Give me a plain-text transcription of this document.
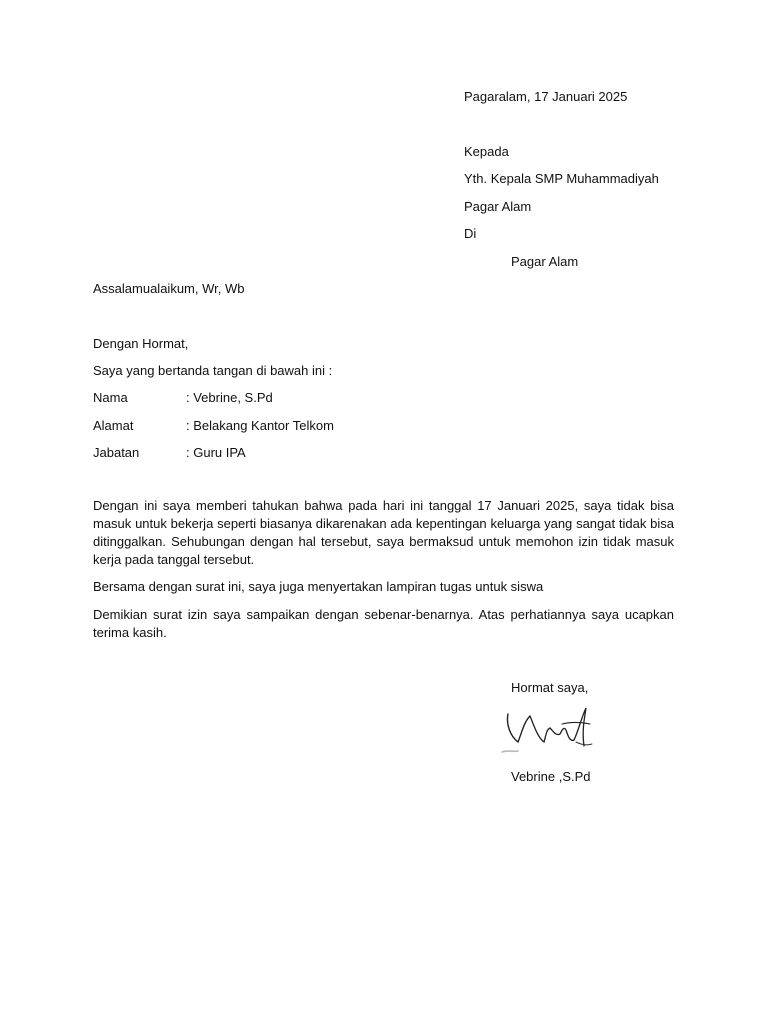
Pagaralam, 17 Januari 2025
Kepada
Yth. Kepala SMP Muhammadiyah
Pagar Alam
Di
Pagar Alam
Assalamualaikum, Wr, Wb
Dengan Hormat,
Saya yang bertanda tangan di bawah ini :
Nama	: Vebrine, S.Pd
Alamat	: Belakang Kantor Telkom
Jabatan	: Guru IPA
Dengan ini saya memberi tahukan bahwa pada hari ini tanggal 17 Januari 2025, saya tidak bisa masuk untuk bekerja seperti biasanya dikarenakan ada kepentingan keluarga yang sangat tidak bisa ditinggalkan. Sehubungan dengan hal tersebut, saya bermaksud untuk memohon izin tidak masuk kerja pada tanggal tersebut.
Bersama dengan surat ini, saya juga menyertakan lampiran tugas untuk siswa
Demikian surat izin saya sampaikan dengan sebenar-benarnya. Atas perhatiannya saya ucapkan terima kasih.
Hormat saya,
Vebrine ,S.Pd
